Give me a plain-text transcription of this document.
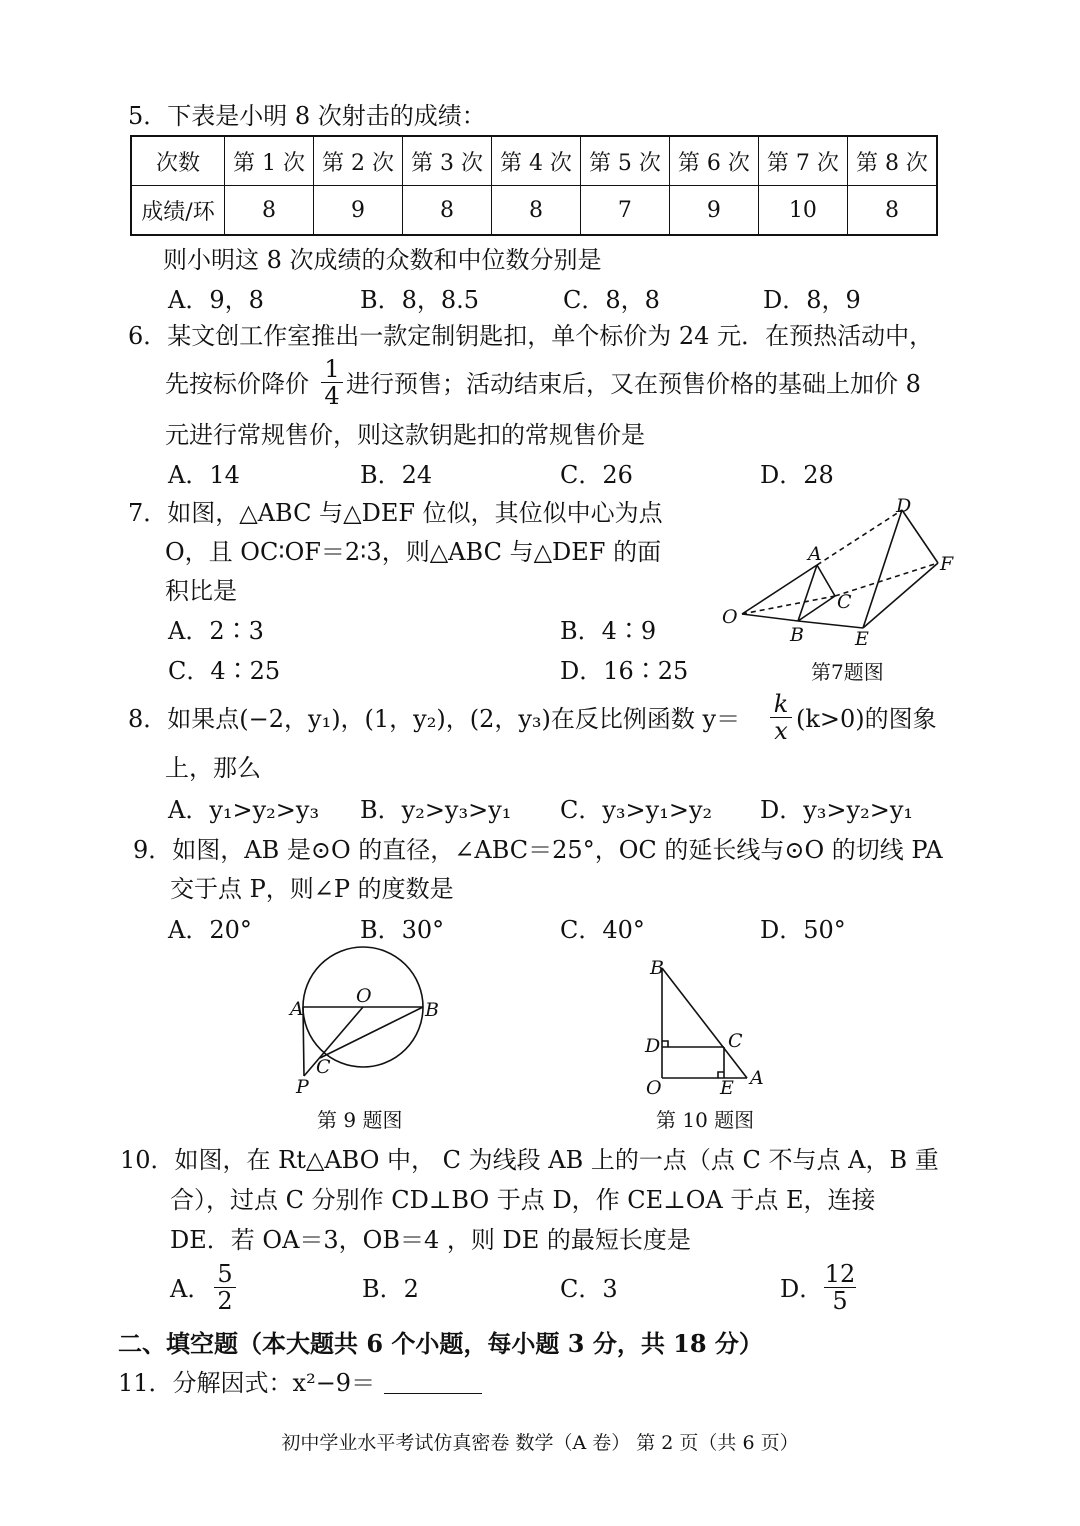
5．下表是小明 8 次射击的成绩：
次数	第 1 次	第 2 次	第 3 次	第 4 次	第 5 次	第 6 次	第 7 次	第 8 次
成绩/环	8	9	8	8	7	9	10	8
则小明这 8 次成绩的众数和中位数分别是
A．9，8	B．8，8.5	C．8，8	D．8，9
6．某文创工作室推出一款定制钥匙扣，单个标价为 24 元．在预热活动中，
先按标价降价 $\frac{1}{4}$ 进行预售；活动结束后，又在预售价格的基础上加价 8
元进行常规售价，则这款钥匙扣的常规售价是
A．14	B．24	C．26	D．28
7．如图，△ABC 与△DEF 位似，其位似中心为点
O，且 OC∶OF＝2∶3，则△ABC 与△DEF 的面
积比是
A．2∶3	B．4∶9
C．4∶25	D．16∶25
O
A
B
C
D
E
F
第7题图
8．如果点(−2，y₁)，(1，y₂)，(2，y₃)在反比例函数 $y= \frac{k}{x} (k>0)$的图象
上，那么
A．y₁>y₂>y₃ B．y₂>y₃>y₁ C．y₃>y₁>y₂ D．y₃>y₂>y₁
9．如图，AB 是⊙O 的直径，∠ABC＝25°，OC 的延长线与⊙O 的切线 PA
交于点 P，则∠P 的度数是
A．20°	B．30°	C．40°	D．50°
A
O
B
C
P
第 9 题图
B
C
D
O	E A
第 10 题图
10．如图，在 Rt△ABO 中， C 为线段 AB 上的一点（点 C 不与点 A，B 重
合），过点 C 分别作 CD⊥BO 于点 D，作 CE⊥OA 于点 E，连接
DE．若 OA＝3，OB＝4 ，则 DE 的最短长度是
A． $\frac{5}{2}$	B．2	C．3	D． $\frac{12}{5}$
二、填空题（本大题共 6 个小题，每小题 3 分，共 18 分）
11．分解因式：x²−9＝
初中学业水平考试仿真密卷 数学（A 卷） 第 2 页（共 6 页）
